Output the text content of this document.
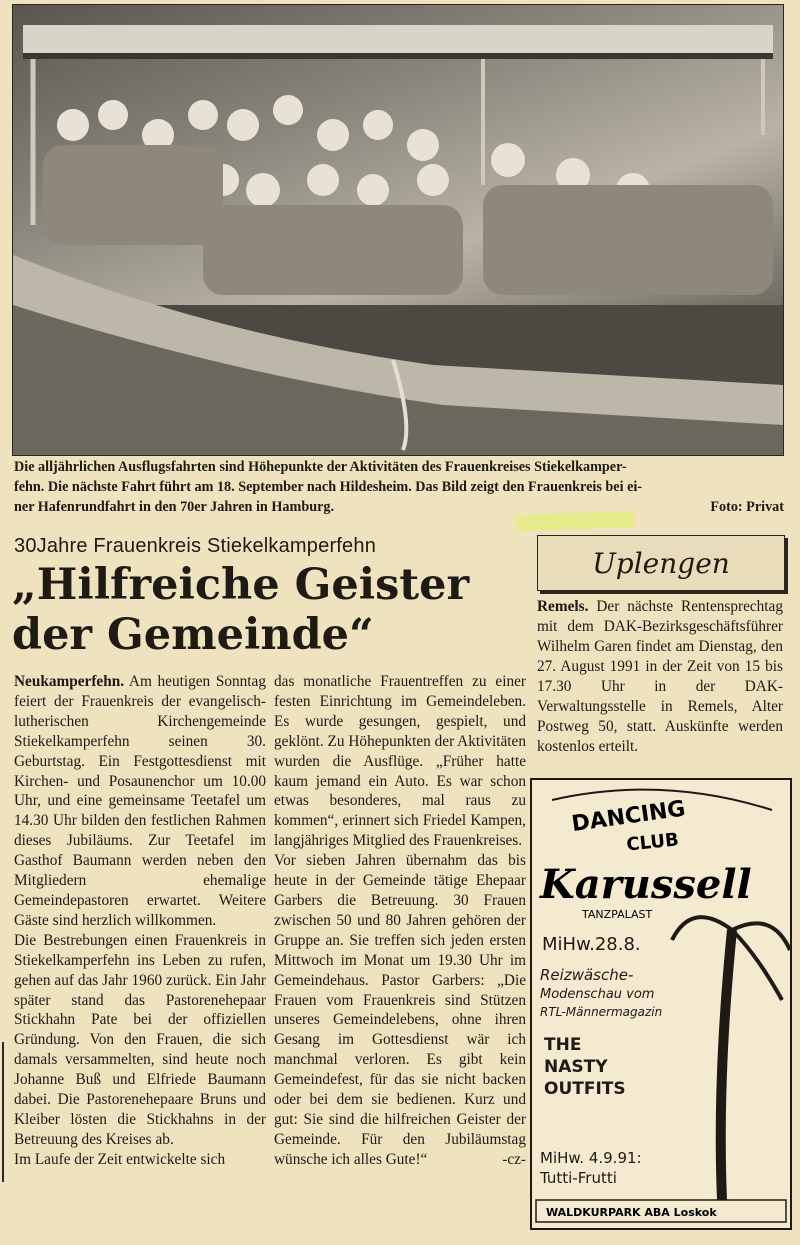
Die alljährlichen Ausflugsfahrten sind Höhepunkte der Aktivitäten des Frauenkreises Stiekelkamper-
fehn. Die nächste Fahrt führt am 18. September nach Hildesheim. Das Bild zeigt den Frauenkreis bei ei-
ner Hafenrundfahrt in den 70er Jahren in Hamburg.	Foto: Privat
30Jahre Frauenkreis Stiekelkamperfehn
„Hilfreiche Geister
der Gemeinde“

Neukamperfehn. Am heutigen Sonntag feiert der Frauenkreis der evangelisch-lutherischen Kirchengemeinde Stiekelkamperfehn seinen 30. Geburtstag. Ein Festgottesdienst mit Kirchen- und Posaunenchor um 10.00 Uhr, und eine gemeinsame Teetafel um 14.30 Uhr bilden den festlichen Rahmen dieses Jubiläums. Zur Teetafel im Gasthof Baumann werden neben den Mitgliedern ehemalige Gemeindepastoren erwartet. Weitere Gäste sind herzlich willkommen.

Die Bestrebungen einen Frauenkreis in Stiekelkamperfehn ins Leben zu rufen, gehen auf das Jahr 1960 zurück. Ein Jahr später stand das Pastorenehepaar Stickhahn Pate bei der offiziellen Gründung. Von den Frauen, die sich damals versammelten, sind heute noch Johanne Buß und Elfriede Baumann dabei. Die Pastorenehepaare Bruns und Kleiber lösten die Stickhahns in der Betreuung des Kreises ab.

Im Laufe der Zeit entwickelte sich

das monatliche Frauentreffen zu einer festen Einrichtung im Gemeindeleben. Es wurde gesungen, gespielt, und geklönt. Zu Höhepunkten der Aktivitäten wurden die Ausflüge. „Früher hatte kaum jemand ein Auto. Es war schon etwas besonderes, mal raus zu kommen“, erinnert sich Friedel Kampen, langjähriges Mitglied des Frauenkreises.

Vor sieben Jahren übernahm das bis heute in der Gemeinde tätige Ehepaar Garbers die Betreuung. 30 Frauen zwischen 50 und 80 Jahren gehören der Gruppe an. Sie treffen sich jeden ersten Mittwoch im Monat um 19.30 Uhr im Gemeindehaus. Pastor Garbers: „Die Frauen vom Frauenkreis sind Stützen unseres Gemeindelebens, ohne ihren Gesang im Gottesdienst wär ich manchmal verloren. Es gibt kein Gemeindefest, für das sie nicht backen oder bei dem sie bedienen. Kurz und gut: Sie sind die hilfreichen Geister der Gemeinde. Für den Jubiläumstag wünsche ich alles Gute!“	-cz-

Uplengen

Remels. Der nächste Rentensprechtag mit dem DAK-Bezirksgeschäftsführer Wilhelm Garen findet am Dienstag, den 27. August 1991 in der Zeit von 15 bis 17.30 Uhr in der DAK-Verwaltungsstelle in Remels, Alter Postweg 50, statt. Auskünfte werden kostenlos erteilt.

DANCING
CLUB
Karussell
TANZPALAST
MiHw.28.8.
Reizwäsche-
Modenschau vom
RTL-Männermagazin
THE
NASTY
OUTFITS
MiHw. 4.9.91:
Tutti-Frutti
WALDKURPARK ABA Loskok
